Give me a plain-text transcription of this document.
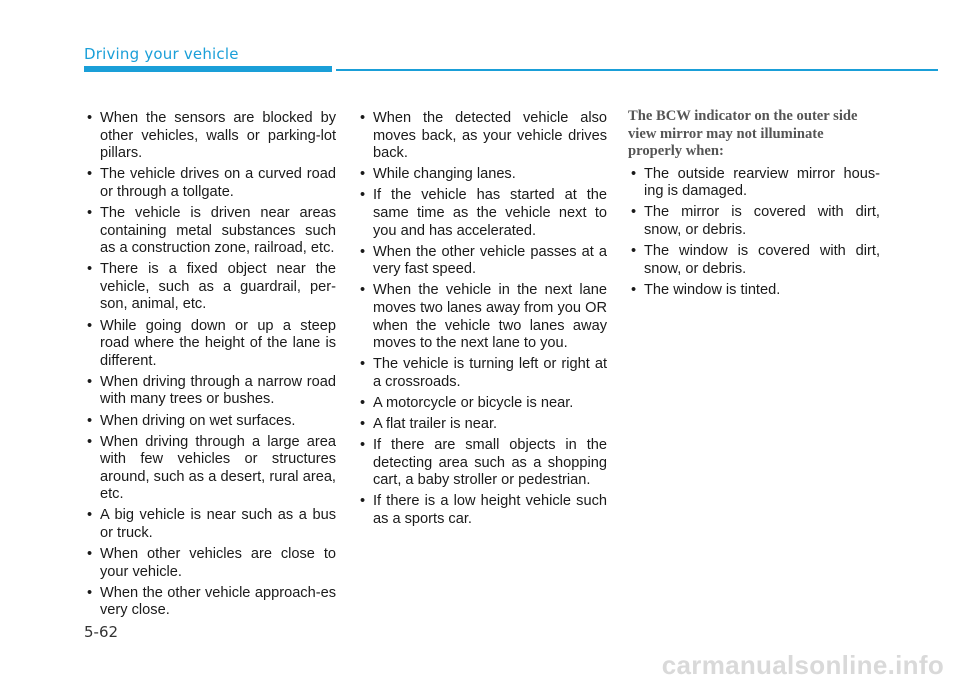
Driving your vehicle
• When the sensors are blocked by other vehicles, walls or parking-lot pillars.
• The vehicle drives on a curved road or through a tollgate.
• The vehicle is driven near areas containing metal substances such as a construction zone, railroad, etc.
• There is a fixed object near the vehicle, such as a guardrail, per-son, animal, etc.
• While going down or up a steep road where the height of the lane is different.
• When driving through a narrow road with many trees or bushes.
• When driving on wet surfaces.
• When driving through a large area with few vehicles or structures around, such as a desert, rural area, etc.
• A big vehicle is near such as a bus or truck.
• When other vehicles are close to your vehicle.
• When the other vehicle approach-es very close.
• When the detected vehicle also moves back, as your vehicle drives back.
• While changing lanes.
• If the vehicle has started at the same time as the vehicle next to you and has accelerated.
• When the other vehicle passes at a very fast speed.
• When the vehicle in the next lane moves two lanes away from you OR when the vehicle two lanes away moves to the next lane to you.
• The vehicle is turning left or right at a crossroads.
• A motorcycle or bicycle is near.
• A flat trailer is near.
• If there are small objects in the detecting area such as a shopping cart, a baby stroller or pedestrian.
• If there is a low height vehicle such as a sports car.
The BCW indicator on the outer side view mirror may not illuminate properly when:
• The outside rearview mirror hous-ing is damaged.
• The mirror is covered with dirt, snow, or debris.
• The window is covered with dirt, snow, or debris.
• The window is tinted.
5-62
carmanualsonline.info
